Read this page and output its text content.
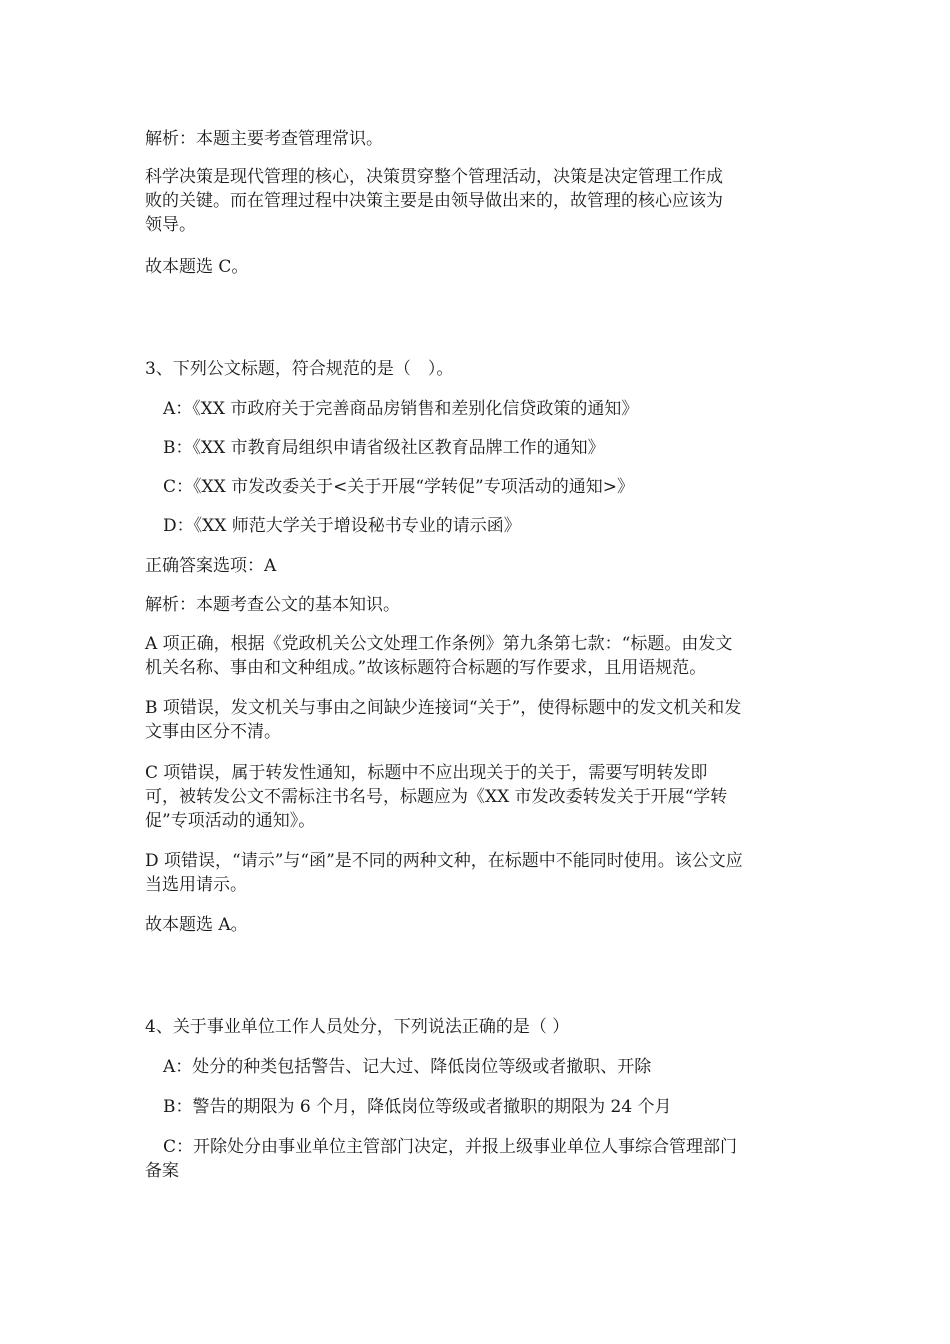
解析：本题主要考查管理常识。

科学决策是现代管理的核心，决策贯穿整个管理活动，决策是决定管理工作成

败的关键。而在管理过程中决策主要是由领导做出来的，故管理的核心应该为

领导。

故本题选 C。

3、下列公文标题，符合规范的是（　）。

A：《XX 市政府关于完善商品房销售和差别化信贷政策的通知》

B：《XX 市教育局组织申请省级社区教育品牌工作的通知》

C：《XX 市发改委关于<关于开展“学转促”专项活动的通知>》

D：《XX 师范大学关于增设秘书专业的请示函》

正确答案选项：A

解析：本题考查公文的基本知识。

A 项正确，根据《党政机关公文处理工作条例》第九条第七款：“标题。由发文

机关名称、事由和文种组成。”故该标题符合标题的写作要求，且用语规范。

B 项错误，发文机关与事由之间缺少连接词“关于”，使得标题中的发文机关和发

文事由区分不清。

C 项错误，属于转发性通知，标题中不应出现关于的关于，需要写明转发即

可，被转发公文不需标注书名号，标题应为《XX 市发改委转发关于开展“学转

促”专项活动的通知》。

D 项错误，“请示”与“函”是不同的两种文种，在标题中不能同时使用。该公文应

当选用请示。

故本题选 A。

4、关于事业单位工作人员处分，下列说法正确的是（ ）

A：处分的种类包括警告、记大过、降低岗位等级或者撤职、开除

B：警告的期限为 6 个月，降低岗位等级或者撤职的期限为 24 个月

C：开除处分由事业单位主管部门决定，并报上级事业单位人事综合管理部门

备案
